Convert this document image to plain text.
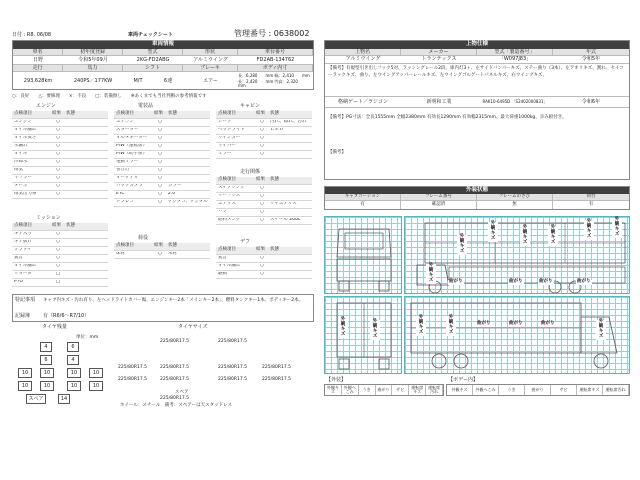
日付 : R8. 06/08	車両チェックシート	管理番号 : 0638002
車両情報
車名	初年度登録	型式	形状	車台番号
日野	令和5年09月	2KG-FD2ABG	アルミウイング	FD2AB-134762
走行	馬力	シフト	ブレーキ	ボディ内寸
293,628km	240PS／177KW	M/T	6速	エアー
長：6,280　　mm 幅：2,410　　mm
長：2,420　　mm 門高：2,320　　mm
○：良好　　△：要修理　　×：不良　　□：装備無し　　※あくまでも当社判断の参考情報です
エンジン
点検項目	結果	状態
エンジン	○
オイル漏れ	○
オイル臭さ	○
水漏れ	○
オイル	○
冷却水	○
排気	○
マフラー	○
ターボ	○
排気出力系	○
ミッション
点検項目	結果	状態
ギア入り	○
ギア抜け	○
クラッチ	○
異音	○
オイル漏れ	○
リターダ	□
PTO	□
電装品
点検項目	結果	状態
エアコン	○
スターター	○
オルタネーター	○
P/W（運転席）	○
P/W（助手席）	○
電動ミラー	○
警告灯	○
オーディオ	○
バックカメラ	○	カラー
ETC	○	2.0
ドラレコ	○	デジタコ、デジタル
荷役
点検項目	結果	状態
床材	○	木材
キャビン
点検項目	結果	状態
シート	○	汚れ、擦れ、汚れ
ヘッドライト	○	ＬＥＤ
ウインカー	○
ワイパー	○
ミラー	○
走行関係
点検項目	結果	状態
ステアリング	○
リーフサス	○
エアサス	○	リヤエアサス
ハブ	○
燃料タンク	○	スチール 200L
デフ
点検項目	結果	状態
異音	○
オイル漏れ	○
駆動	○
特記事項 キャブ内キズ・汚れ有り、左ヘッドライトカバー傷、エンジンキー2本「メインキー2本」、燃料タンクキー1本、ボディキー2本。
記録簿	有（R6/6〜R7/10）
タイヤ残量	タイヤサイズ
単位：mm
4	6
6	4
10	10	10	10
10	10	10	10
スペア	14
225/80R17.5	225/80R17.5
225/80R17.5	225/80R17.5	225/80R17.5	225/80R17.5
225/80R17.5	225/80R17.5	225/80R17.5	225/80R17.5
スペア
225/80R17.5
ホイール：スチール　備考：スペアーは天スタッドレス
上物仕様
上物名	メーカー	型式「製造番号」	年式
アルミウイング	トランテックス	「W097J83」	令和5年
【備考】有規型引き出しフック5対、ラッシングレール2段、庫内灯3ヶ、左サイドバンパーキズ、ステー曲り（3本）、左アオリキズ、割れ、セイコーラックキズ、曲り、左ウイングアッパーレールキズ、左ウイングゴルゲートパネルキズ、右ウイングキズ。
格納ゲート／ラジコン	新明和工業	RAK10-6495D 「S2402000831」	令和6年
【備考】PG寸法：全長1555mm 全幅2380mm 有効長1290mm 有効幅2315mm、最大荷重1000kg、歩み板付き。
【備考】
外装状態
キャブコーション	フレーム番号	フレームのさび	荷台
有	確認済	無	有
外観キズ
外観キズ
外観キズ
外観キズ
外観キズ
外観キズ
外観キズ	曲がり	曲がり	曲がり	曲がり
外観キズ
外観キズ
外観キズ
外観キズ
外観キズ
曲がり	曲がり	曲がり
【外装】	【ボデー内】
外観キズ
外観へこみ	うき	曲がり	サビ	運転席キズ
運転席汚れ	外観キズ	外観へこみ	うき	曲がり	サビ	運転席キズ	運転席汚れ
